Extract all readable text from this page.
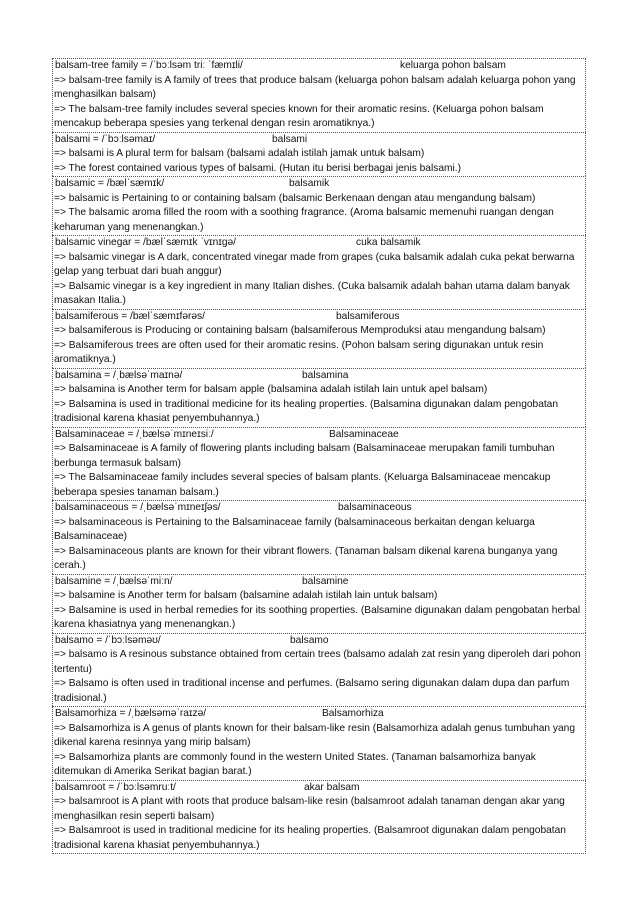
balsam-tree family = /ˈbɔːlsəm triː ˈfæmɪli/	keluarga pohon balsam
=> balsam-tree family is A family of trees that produce balsam (keluarga pohon balsam adalah keluarga pohon yang menghasilkan balsam)
=> The balsam-tree family includes several species known for their aromatic resins. (Keluarga pohon balsam mencakup beberapa spesies yang terkenal dengan resin aromatiknya.)
balsami = /ˈbɔːlsəmaɪ/	balsami
=> balsami is A plural term for balsam (balsami adalah istilah jamak untuk balsam)
=> The forest contained various types of balsami. (Hutan itu berisi berbagai jenis balsami.)
balsamic = /bælˈsæmɪk/	balsamik
=> balsamic is Pertaining to or containing balsam (balsamic Berkenaan dengan atau mengandung balsam)
=> The balsamic aroma filled the room with a soothing fragrance. (Aroma balsamic memenuhi ruangan dengan keharuman yang menenangkan.)
balsamic vinegar = /bælˈsæmɪk ˈvɪnɪgə/	cuka balsamik
=> balsamic vinegar is A dark, concentrated vinegar made from grapes (cuka balsamik adalah cuka pekat berwarna gelap yang terbuat dari buah anggur)
=> Balsamic vinegar is a key ingredient in many Italian dishes. (Cuka balsamik adalah bahan utama dalam banyak masakan Italia.)
balsamiferous = /bælˈsæmɪfərəs/	balsamiferous
=> balsamiferous is Producing or containing balsam (balsamiferous Memproduksi atau mengandung balsam)
=> Balsamiferous trees are often used for their aromatic resins. (Pohon balsam sering digunakan untuk resin aromatiknya.)
balsamina = /ˌbælsəˈmaɪnə/	balsamina
=> balsamina is Another term for balsam apple (balsamina adalah istilah lain untuk apel balsam)
=> Balsamina is used in traditional medicine for its healing properties. (Balsamina digunakan dalam pengobatan tradisional karena khasiat penyembuhannya.)
Balsaminaceae = /ˌbælsəˈmɪneɪsiː/	Balsaminaceae
=> Balsaminaceae is A family of flowering plants including balsam (Balsaminaceae merupakan famili tumbuhan berbunga termasuk balsam)
=> The Balsaminaceae family includes several species of balsam plants. (Keluarga Balsaminaceae mencakup beberapa spesies tanaman balsam.)
balsaminaceous = /ˌbælsəˈmɪneɪʃəs/	balsaminaceous
=> balsaminaceous is Pertaining to the Balsaminaceae family (balsaminaceous berkaitan dengan keluarga Balsaminaceae)
=> Balsaminaceous plants are known for their vibrant flowers. (Tanaman balsam dikenal karena bunganya yang cerah.)
balsamine = /ˌbælsəˈmiːn/	balsamine
=> balsamine is Another term for balsam (balsamine adalah istilah lain untuk balsam)
=> Balsamine is used in herbal remedies for its soothing properties. (Balsamine digunakan dalam pengobatan herbal karena khasiatnya yang menenangkan.)
balsamo = /ˈbɔːlsəməʊ/	balsamo
=> balsamo is A resinous substance obtained from certain trees (balsamo adalah zat resin yang diperoleh dari pohon tertentu)
=> Balsamo is often used in traditional incense and perfumes. (Balsamo sering digunakan dalam dupa dan parfum tradisional.)
Balsamorhiza = /ˌbælsəməˈraɪzə/	Balsamorhiza
=> Balsamorhiza is A genus of plants known for their balsam-like resin (Balsamorhiza adalah genus tumbuhan yang dikenal karena resinnya yang mirip balsam)
=> Balsamorhiza plants are commonly found in the western United States. (Tanaman balsamorhiza banyak ditemukan di Amerika Serikat bagian barat.)
balsamroot = /ˈbɔːlsəmruːt/	akar balsam
=> balsamroot is A plant with roots that produce balsam-like resin (balsamroot adalah tanaman dengan akar yang menghasilkan resin seperti balsam)
=> Balsamroot is used in traditional medicine for its healing properties. (Balsamroot digunakan dalam pengobatan tradisional karena khasiat penyembuhannya.)
